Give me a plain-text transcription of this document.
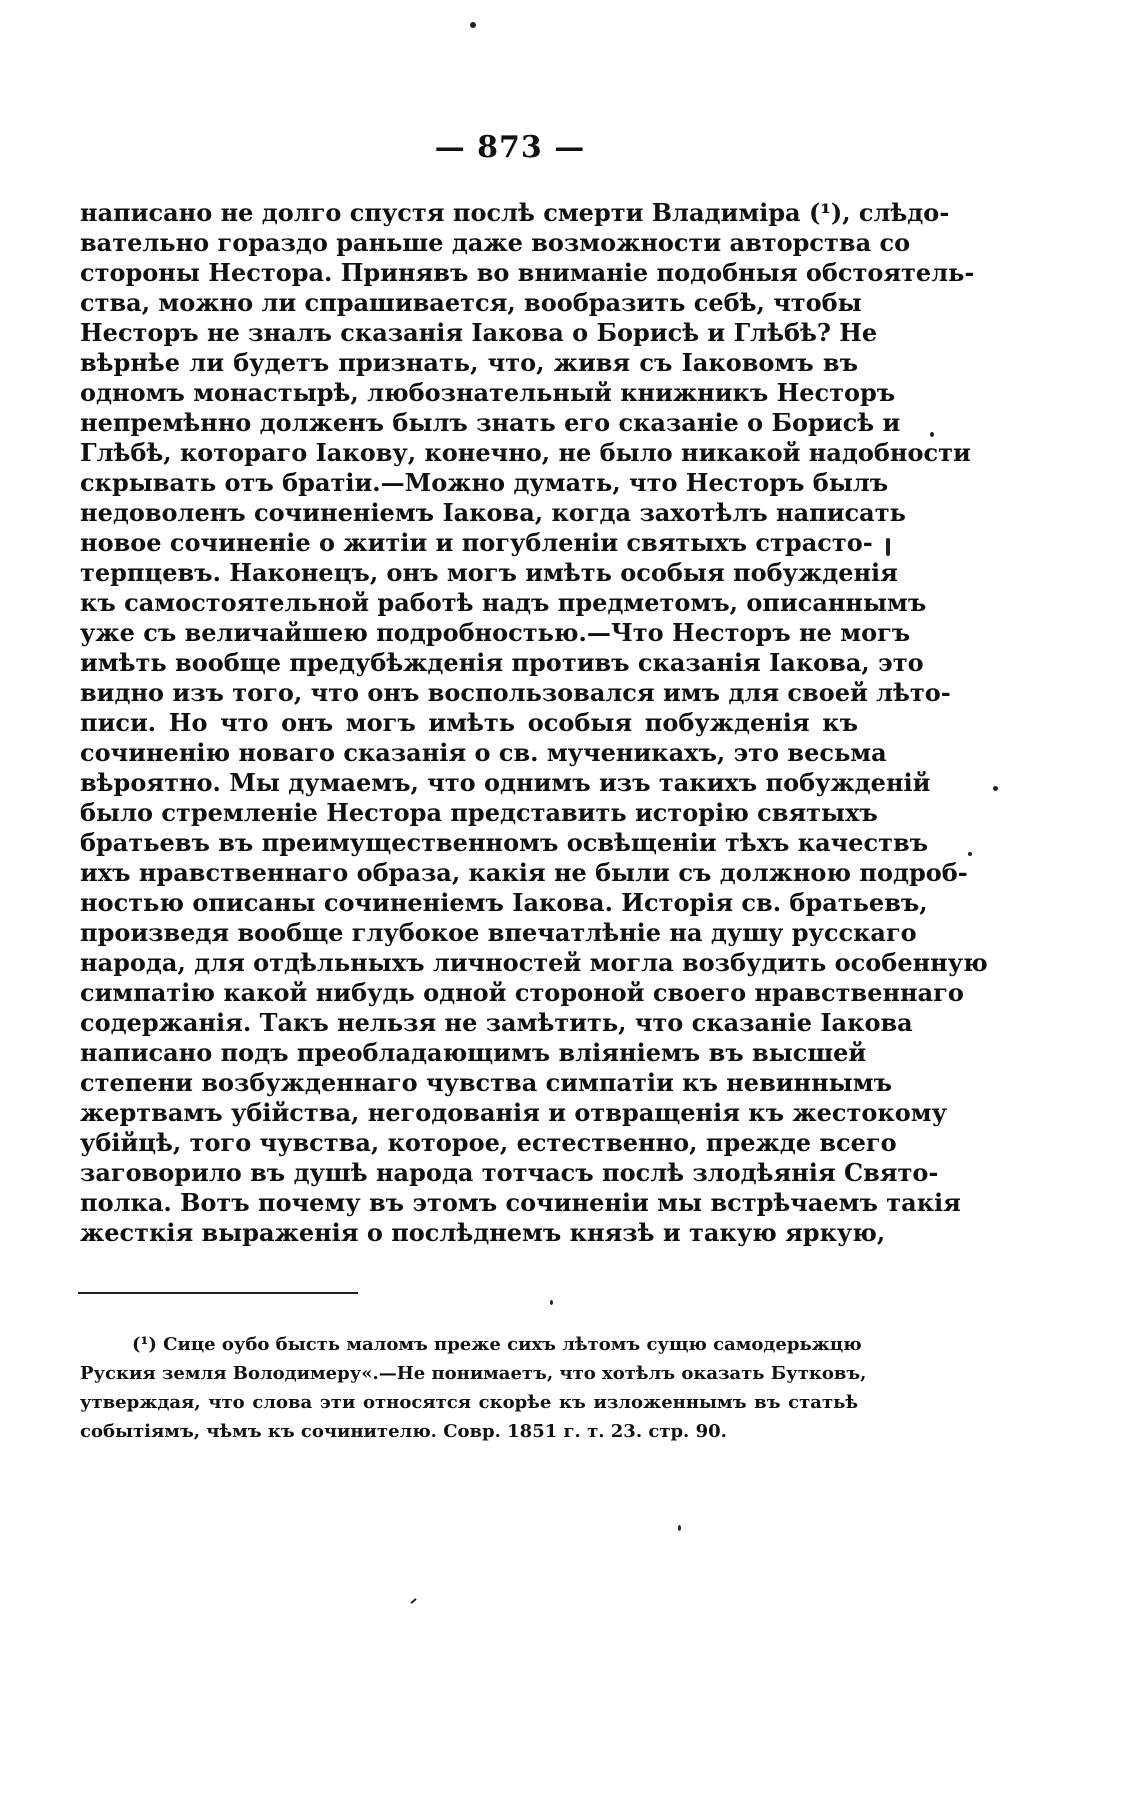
— 873 —
написано не долго спустя послѣ смерти Владиміра (¹), слѣдо-
вательно гораздо раньше даже возможности авторства со
стороны Нестора. Принявъ во вниманіе подобныя обстоятель-
ства, можно ли спрашивается, вообразить себѣ, чтобы
Несторъ не зналъ сказанія Іакова о Борисѣ и Глѣбѣ? Не
вѣрнѣе ли будетъ признать, что, живя съ Іаковомъ въ
одномъ монастырѣ, любознательный книжникъ Несторъ
непремѣнно долженъ былъ знать его сказаніе о Борисѣ и
Глѣбѣ, котораго Іакову, конечно, не было никакой надобности
скрывать отъ братіи.—Можно думать, что Несторъ былъ
недоволенъ сочиненіемъ Іакова, когда захотѣлъ написать
новое сочиненіе о житіи и погубленіи святыхъ страсто-
терпцевъ. Наконецъ, онъ могъ имѣть особыя побужденія
къ самостоятельной работѣ надъ предметомъ, описаннымъ
уже съ величайшею подробностью.—Что Несторъ не могъ
имѣть вообще предубѣжденія противъ сказанія Іакова, это
видно изъ того, что онъ воспользовался имъ для своей лѣто-
писи. Но что онъ могъ имѣть особыя побужденія къ
сочиненію новаго сказанія о св. мученикахъ, это весьма
вѣроятно. Мы думаемъ, что однимъ изъ такихъ побужденій
было стремленіе Нестора представить исторію святыхъ
братьевъ въ преимущественномъ освѣщеніи тѣхъ качествъ
ихъ нравственнаго образа, какія не были съ должною подроб-
ностью описаны сочиненіемъ Іакова. Исторія св. братьевъ,
произведя вообще глубокое впечатлѣніе на душу русскаго
народа, для отдѣльныхъ личностей могла возбудить особенную
симпатію какой нибудь одной стороной своего нравственнаго
содержанія. Такъ нельзя не замѣтить, что сказаніе Іакова
написано подъ преобладающимъ вліяніемъ въ высшей
степени возбужденнаго чувства симпатіи къ невиннымъ
жертвамъ убійства, негодованія и отвращенія къ жестокому
убійцѣ, того чувства, которое, естественно, прежде всего
заговорило въ душѣ народа тотчасъ послѣ злодѣянія Свято-
полка. Вотъ почему въ этомъ сочиненіи мы встрѣчаемъ такія
жесткія выраженія о послѣднемъ князѣ и такую яркую,
(¹) Сице оубо бысть маломъ преже сихъ лѣтомъ сущю самодерьжцю
Руския земля Володимеру«.—Не понимаетъ, что хотѣлъ оказать Бутковъ,
утверждая, что слова эти относятся скорѣе къ изложеннымъ въ статьѣ
событіямъ, чѣмъ къ сочинителю. Совр. 1851 г. т. 23. стр. 90.
